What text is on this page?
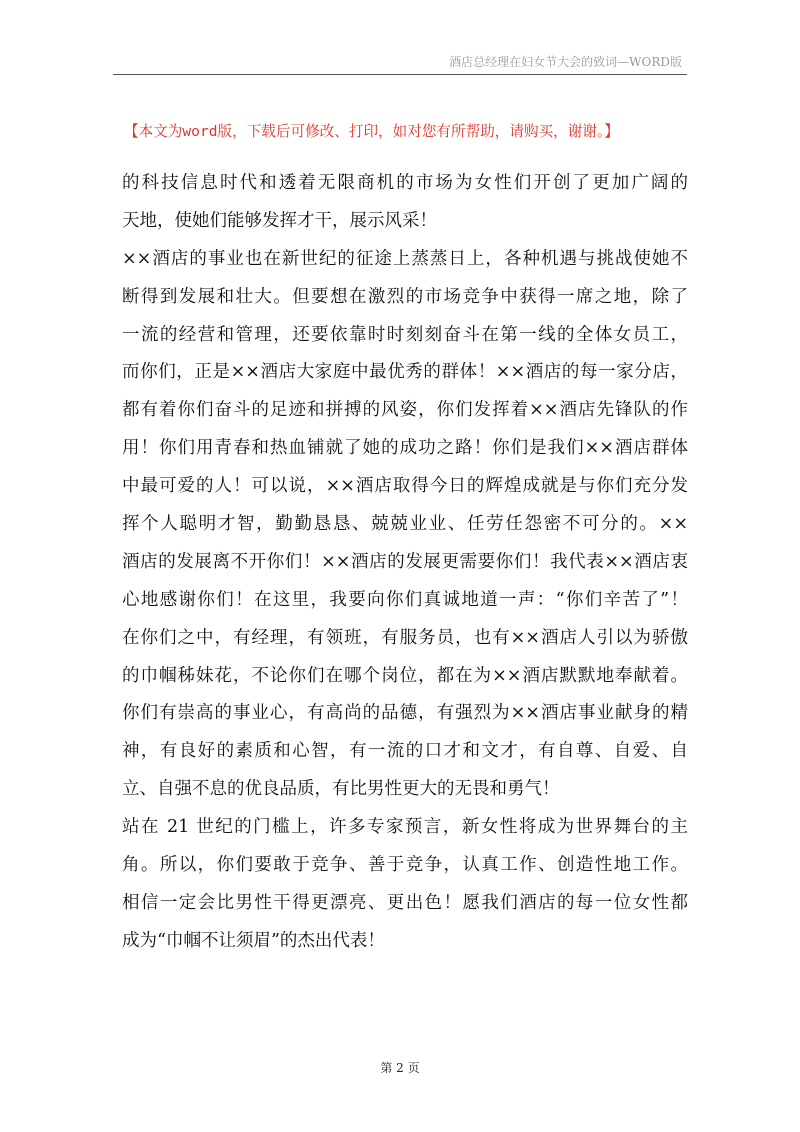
酒店总经理在妇女节大会的致词—WORD版
【本文为word版，下载后可修改、打印，如对您有所帮助，请购买，谢谢。】
的科技信息时代和透着无限商机的市场为女性们开创了更加广阔的
天地，使她们能够发挥才干，展示风采！
××酒店的事业也在新世纪的征途上蒸蒸日上，各种机遇与挑战使她不
断得到发展和壮大。但要想在激烈的市场竞争中获得一席之地，除了
一流的经营和管理，还要依靠时时刻刻奋斗在第一线的全体女员工，
而你们，正是××酒店大家庭中最优秀的群体！××酒店的每一家分店，
都有着你们奋斗的足迹和拼搏的风姿，你们发挥着××酒店先锋队的作
用！你们用青春和热血铺就了她的成功之路！你们是我们××酒店群体
中最可爱的人！可以说，××酒店取得今日的辉煌成就是与你们充分发
挥个人聪明才智，勤勤恳恳、兢兢业业、任劳任怨密不可分的。××
酒店的发展离不开你们！××酒店的发展更需要你们！我代表××酒店衷
心地感谢你们！在这里，我要向你们真诚地道一声：“你们辛苦了”！
在你们之中，有经理，有领班，有服务员，也有××酒店人引以为骄傲
的巾帼秭妹花，不论你们在哪个岗位，都在为××酒店默默地奉献着。
你们有崇高的事业心，有高尚的品德，有强烈为××酒店事业献身的精
神，有良好的素质和心智，有一流的口才和文才，有自尊、自爱、自
立、自强不息的优良品质，有比男性更大的无畏和勇气！
站在 21 世纪的门槛上，许多专家预言，新女性将成为世界舞台的主
角。所以，你们要敢于竞争、善于竞争，认真工作、创造性地工作。
相信一定会比男性干得更漂亮、更出色！愿我们酒店的每一位女性都
成为“巾帼不让须眉”的杰出代表！
第 2 页
